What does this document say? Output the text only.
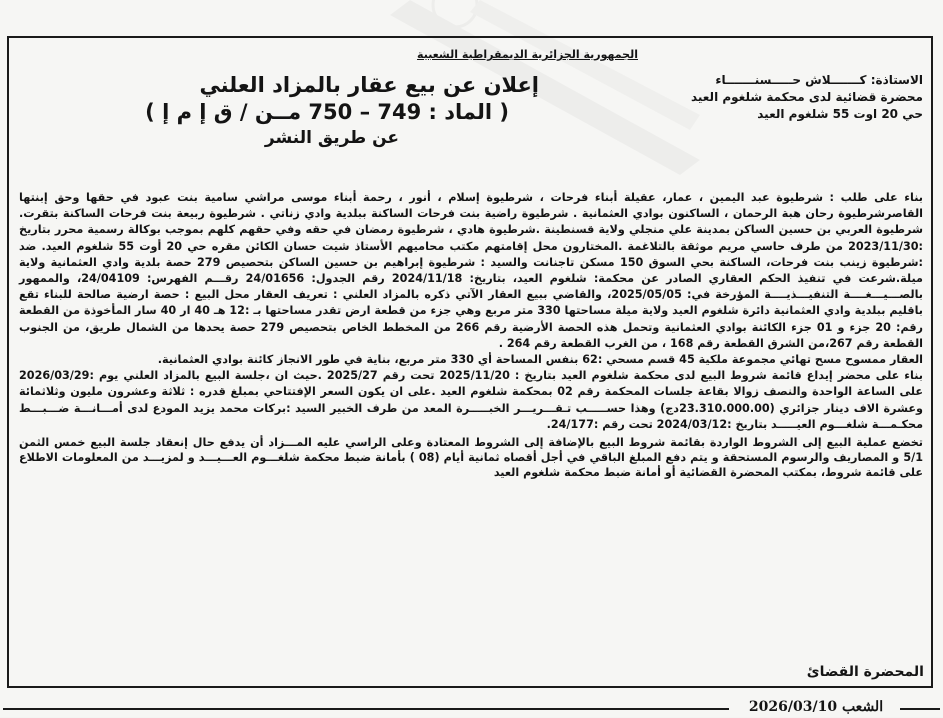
الجمهورية الجزائرية الديمقراطية الشعبية
الاستاذة: كـــــــلاش حـــــسنـــــــاء
محضرة قضائية لدى محكمة شلغوم العيد
حي 20 اوت 55 شلغوم العيد
إعلان عن بيع عقار بالمزاد العلني
( الماد : 749 – 750 مــن / ق إ م إ )
عن طريق النشر

بناء على طلب : شرطيوة عبد اليمين ، عمار، عقيلة أبناء فرحات ، شرطيوة إسلام ، أنور ، رحمة أبناء موسى مراشي سامية بنت عبود في حقها وحق إبنتها القاصرشرطيوة رحان هبة الرحمان ، الساكنون بوادي العثمانية . شرطيوة راضية بنت فرحات الساكنة ببلدية وادي زناتي . شرطيوة ربيعة بنت فرحات الساكنة بتقرت. شرطيوة العربي بن حسين الساكن بمدينة علي منجلي ولاية قسنطينة .شرطيوة هادي ، شرطيوة رمضان في حقه وفي حقهم كلهم بموجب بوكالة رسمية محرر بتاريخ :2023/11/30 من طرف حاسي مريم موثقة بالتلاغمة .المختارون محل إقامتهم مكتب محاميهم الأستاذ شيت حسان الكائن مقره حي 20 أوت 55 شلغوم العيد. ضد :شرطيوة زينب بنت فرحات، الساكنة بحي السوق 150 مسكن تاجنانت والسيد : شرطيوة إبراهيم بن حسين الساكن بتحصيص 279 حصة بلدية وادي العثمانية ولاية ميلة.شرعت في تنفيذ الحكم العقاري الصادر عن محكمة: شلغوم العيد، بتاريخ: 2024/11/18 رقم الجدول: 24/01656 رقـــم الفهرس: 24/04109، والممهور بالصـــيـــغــــة التنفيـــذيــــة المؤرخة في: 2025/05/05، والقاضي ببيع العقار الآتي ذكره بالمزاد العلني : تعريف العقار محل البيع : حصة ارضية صالحة للبناء تقع باقليم ببلدية وادي العثمانية دائرة شلغوم العيد ولاية ميلة مساحتها 330 متر مربع وهي جزء من قطعة ارض تقدر مساحتها بـ :12 هـ 40 ار 40 سار المأخوذة من القطعة رقم: 20 جزء و 01 جزء الكائنة بوادي العثمانية وتحمل هذه الحصة الأرضية رقم 266 من المخطط الخاص بتحصيص 279 حصة يحدها من الشمال طريق، من الجنوب القطعة رقم 267،من الشرق القطعة رقم 168 ، من الغرب القطعة رقم 264 .

العقار ممسوح مسح تهائي مجموعة ملكية 45 قسم مسحي :62 بنفس المساحة أي 330 متر مربع، بناية في طور الانجاز كائنة بوادي العثمانية.

بناء على محضر إيداع قائمة شروط البيع لدى محكمة شلغوم العيد بتاريخ : 2025/11/20 تحت رقم 2025/27 .حيث ان ،جلسة البيع بالمزاد العلني يوم :2026/03/29 على الساعة الواحدة والنصف زوالا بقاعة جلسات المحكمة رقم 02 بمحكمة شلغوم العيد .على ان يكون السعر الإفتتاحي بمبلغ قدره : ثلاثة وعشرون مليون وثلاثمائة وعشرة الاف دينار جزائري (23.310.000.00دج) وهذا حســـــب تـقـــريـــر الخبـــــرة المعد من طرف الخبير السيد :بركات محمد يزيد المودع لدى أمـــانـــة ضـــبـــط محكـمـــة شلغـــوم العيـــــد بتاريخ :2024/03/12 تحت رقم :24/177.

تخضع عملية البيع إلى الشروط الواردة بقائمة شروط البيع بالإضافة إلى الشروط المعتادة وعلى الراسي عليه المـــزاد أن يدفع حال إنعقاد جلسة البيع خمس الثمن 5/1 و المصاريف والرسوم المستحقة و يتم دفع المبلغ الباقي في أجل أقصاه ثمانية أيام (08 ) بأمانة ضبط محكمة شلغـــوم العـــيـــد و لمزيـــد من المعلومات الاطلاع على قائمة شروط، بمكتب المحضرة القضائية أو أمانة ضبط محكمة شلغوم العيد

المحضرة القضائ
الشعب 2026/03/10
